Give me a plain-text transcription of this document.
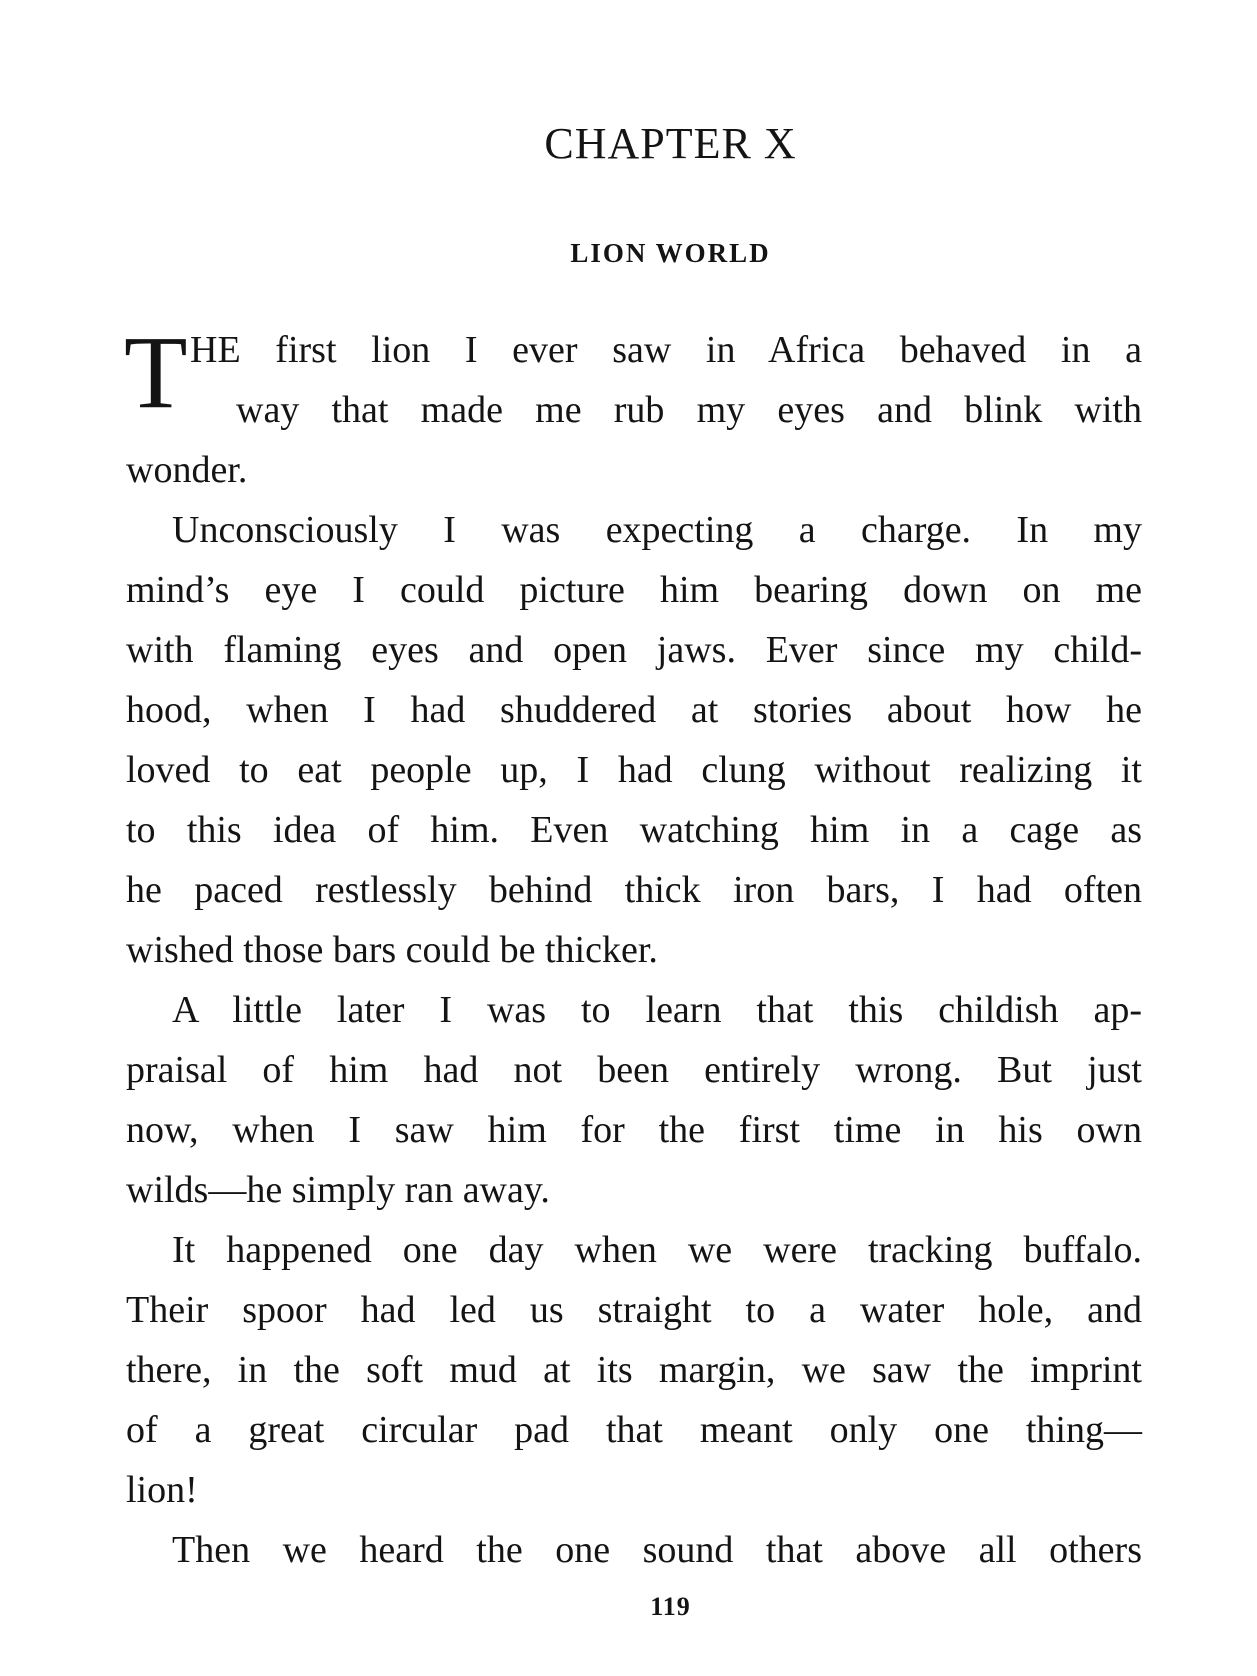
CHAPTER X
LION WORLD
T HE first lion I ever saw in Africa behaved in a
way that made me rub my eyes and blink with
wonder.
Unconsciously I was expecting a charge. In my
mind’s eye I could picture him bearing down on me
with flaming eyes and open jaws. Ever since my child-
hood, when I had shuddered at stories about how he
loved to eat people up, I had clung without realizing it
to this idea of him. Even watching him in a cage as
he paced restlessly behind thick iron bars, I had often
wished those bars could be thicker.
A little later I was to learn that this childish ap-
praisal of him had not been entirely wrong. But just
now, when I saw him for the first time in his own
wilds—he simply ran away.
It happened one day when we were tracking buffalo.
Their spoor had led us straight to a water hole, and
there, in the soft mud at its margin, we saw the imprint
of a great circular pad that meant only one thing—
lion!
Then we heard the one sound that above all others
119
